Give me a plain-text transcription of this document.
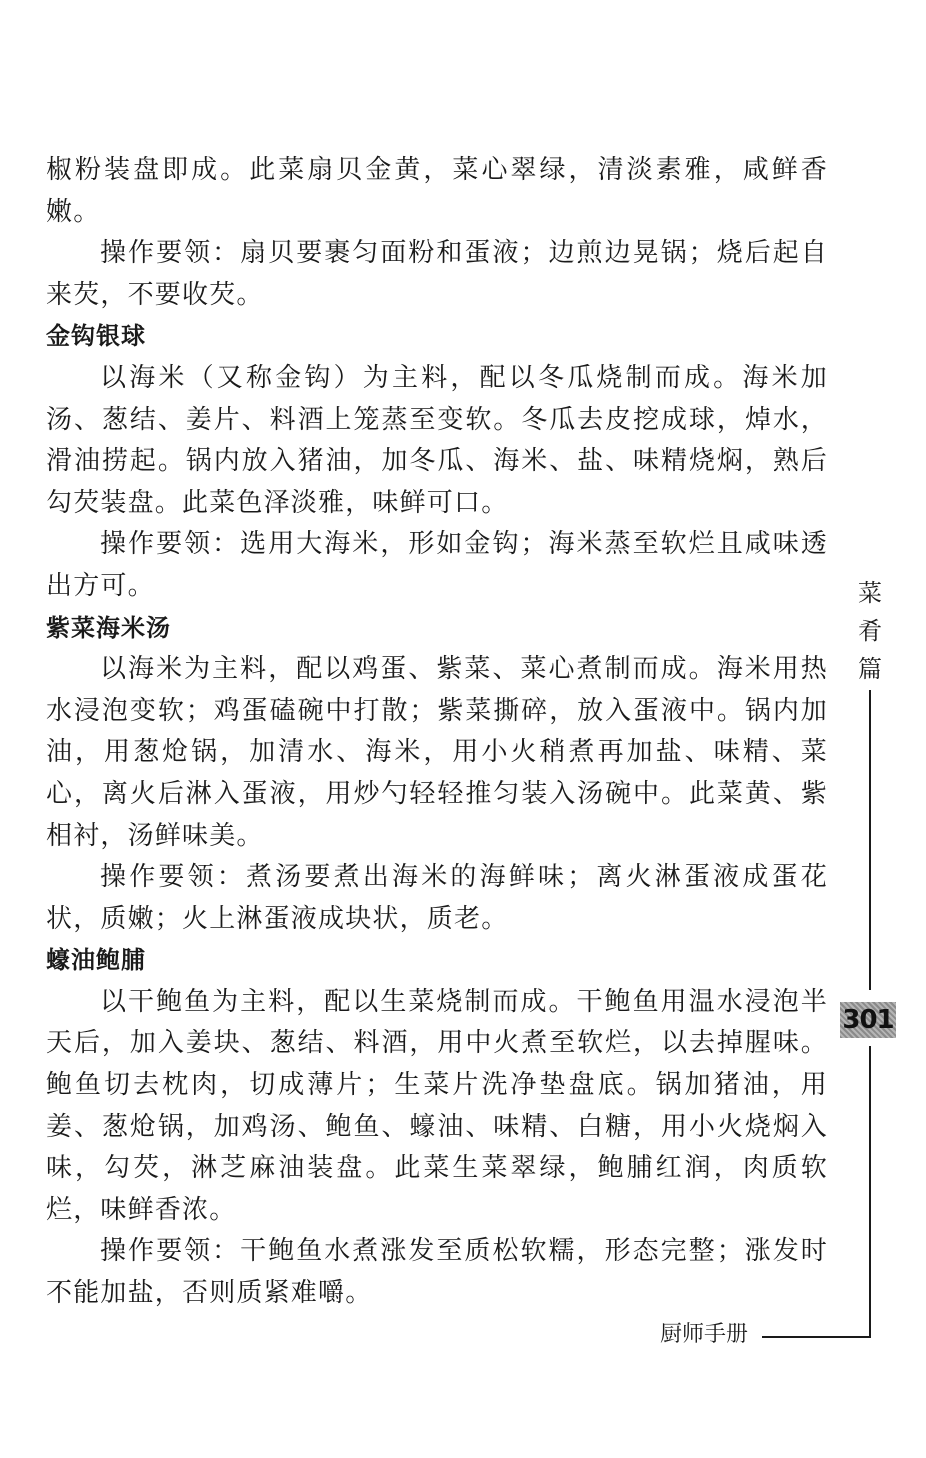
椒粉装盘即成。此菜扇贝金黄，菜心翠绿，清淡素雅，咸鲜香嫩。

操作要领：扇贝要裹匀面粉和蛋液；边煎边晃锅；烧后起自来芡，不要收芡。

金钩银球

以海米（又称金钩）为主料，配以冬瓜烧制而成。海米加汤、葱结、姜片、料酒上笼蒸至变软。冬瓜去皮挖成球，焯水，滑油捞起。锅内放入猪油，加冬瓜、海米、盐、味精烧焖，熟后勾芡装盘。此菜色泽淡雅，味鲜可口。

操作要领：选用大海米，形如金钩；海米蒸至软烂且咸味透出方可。

紫菜海米汤

以海米为主料，配以鸡蛋、紫菜、菜心煮制而成。海米用热水浸泡变软；鸡蛋磕碗中打散；紫菜撕碎，放入蛋液中。锅内加油，用葱炝锅，加清水、海米，用小火稍煮再加盐、味精、菜心，离火后淋入蛋液，用炒勺轻轻推匀装入汤碗中。此菜黄、紫相衬，汤鲜味美。

操作要领：煮汤要煮出海米的海鲜味；离火淋蛋液成蛋花状，质嫩；火上淋蛋液成块状，质老。

蠔油鲍脯

以干鲍鱼为主料，配以生菜烧制而成。干鲍鱼用温水浸泡半天后，加入姜块、葱结、料酒，用中火煮至软烂，以去掉腥味。鲍鱼切去枕肉，切成薄片；生菜片洗净垫盘底。锅加猪油，用姜、葱炝锅，加鸡汤、鲍鱼、蠔油、味精、白糖，用小火烧焖入味，勾芡，淋芝麻油装盘。此菜生菜翠绿，鲍脯红润，肉质软烂，味鲜香浓。

操作要领：干鲍鱼水煮涨发至质松软糯，形态完整；涨发时不能加盐，否则质紧难嚼。

菜
肴
篇
301
厨师手册
